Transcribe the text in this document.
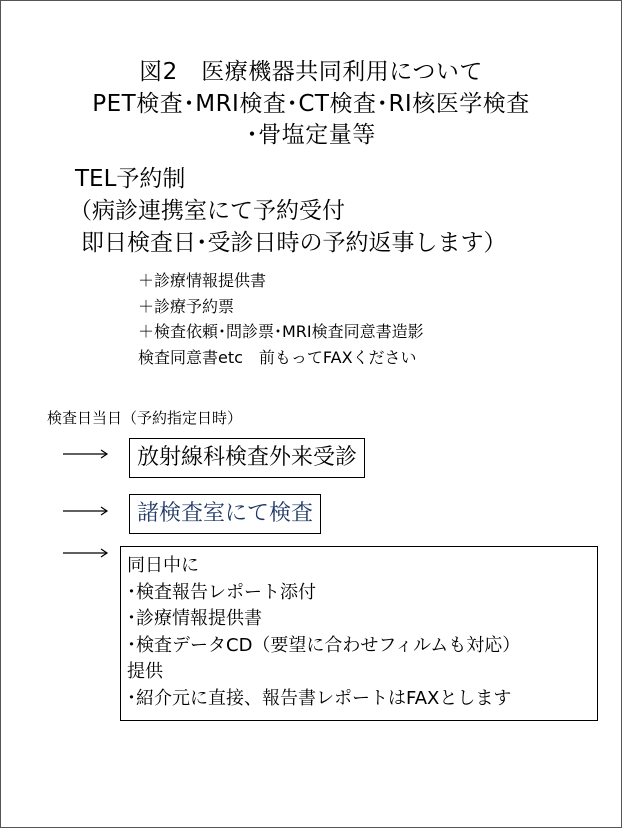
図2　医療機器共同利用について
PET検査･MRI検査･CT検査･RI核医学検査
･骨塩定量等
TEL予約制
（病診連携室にて予約受付
即日検査日･受診日時の予約返事します）
＋診療情報提供書
＋診療予約票
＋検査依頼･問診票･MRI検査同意書造影
検査同意書etc　前もってFAXください
検査日当日（予約指定日時）
放射線科検査外来受診
諸検査室にて検査
同日中に
･検査報告レポート添付
･診療情報提供書
･検査データCD（要望に合わせフィルムも対応）
提供
･紹介元に直接、報告書レポートはFAXとします
